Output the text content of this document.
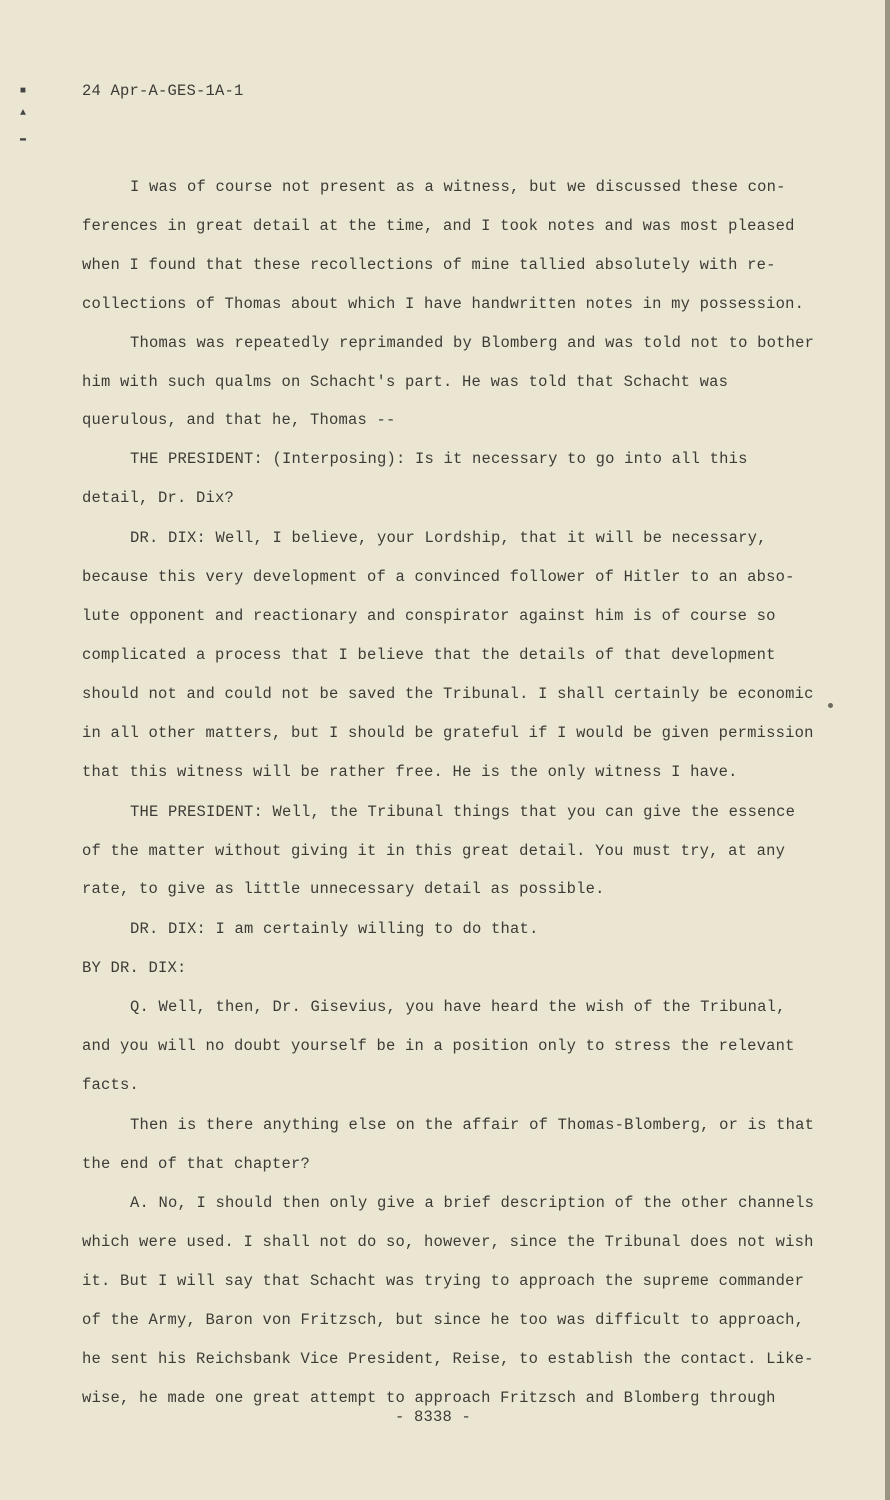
■
▲
▬
24 Apr-A-GES-1A-1
I was of course not present as a witness, but we discussed these con-
ferences in great detail at the time, and I took notes and was most pleased
when I found that these recollections of mine tallied absolutely with re-
collections of Thomas about which I have handwritten notes in my possession.
Thomas was repeatedly reprimanded by Blomberg and was told not to bother
him with such qualms on Schacht's part. He was told that Schacht was
querulous, and that he, Thomas --
THE PRESIDENT: (Interposing): Is it necessary to go into all this
detail, Dr. Dix?
DR. DIX: Well, I believe, your Lordship, that it will be necessary,
because this very development of a convinced follower of Hitler to an abso-
lute opponent and reactionary and conspirator against him is of course so
complicated a process that I believe that the details of that development
should not and could not be saved the Tribunal. I shall certainly be economic
in all other matters, but I should be grateful if I would be given permission
that this witness will be rather free. He is the only witness I have.
THE PRESIDENT: Well, the Tribunal things that you can give the essence
of the matter without giving it in this great detail. You must try, at any
rate, to give as little unnecessary detail as possible.
DR. DIX: I am certainly willing to do that.
BY DR. DIX:
Q. Well, then, Dr. Gisevius, you have heard the wish of the Tribunal,
and you will no doubt yourself be in a position only to stress the relevant
facts.
Then is there anything else on the affair of Thomas-Blomberg, or is that
the end of that chapter?
A. No, I should then only give a brief description of the other channels
which were used. I shall not do so, however, since the Tribunal does not wish
it. But I will say that Schacht was trying to approach the supreme commander
of the Army, Baron von Fritzsch, but since he too was difficult to approach,
he sent his Reichsbank Vice President, Reise, to establish the contact. Like-
wise, he made one great attempt to approach Fritzsch and Blomberg through
- 8338 -
